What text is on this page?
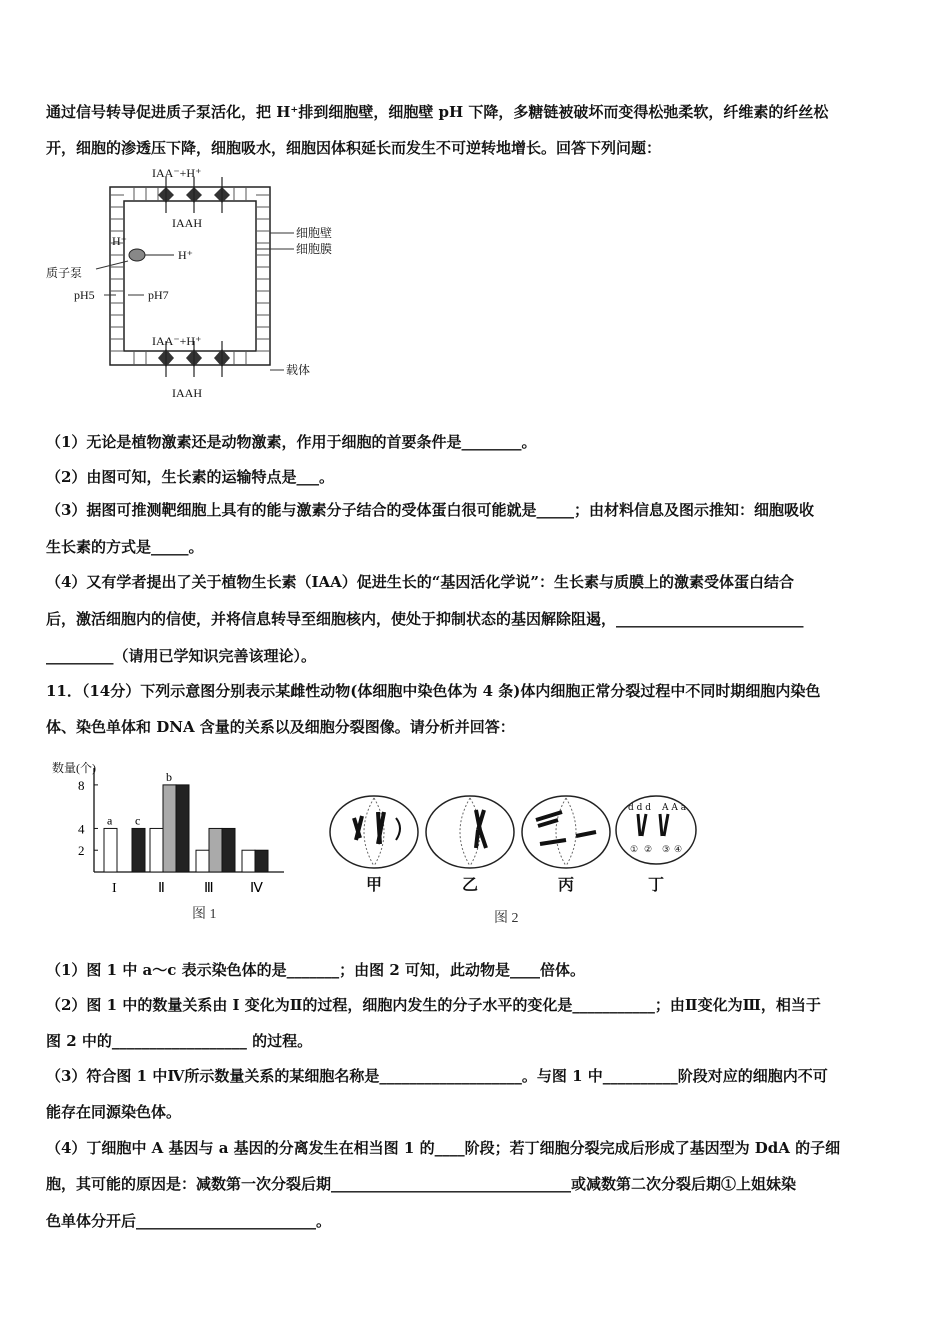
通过信号转导促进质子泵活化，把 H⁺排到细胞壁，细胞壁 pH 下降，多糖链被破坏而变得松弛柔软，纤维素的纤丝松
开，细胞的渗透压下降，细胞吸水，细胞因体积延长而发生不可逆转地增长。回答下列问题：
IAA⁻+H⁺
IAAH
细胞壁
细胞膜
H⁺
H⁺
质子泵
pH5	pH7
IAA⁻+H⁺
载体
IAAH
（1）无论是植物激素还是动物激素，作用于细胞的首要条件是________。
（2）由图可知，生长素的运输特点是___。
（3）据图可推测靶细胞上具有的能与激素分子结合的受体蛋白很可能就是_____；由材料信息及图示推知：细胞吸收
生长素的方式是_____。
（4）又有学者提出了关于植物生长素（IAA）促进生长的“基因活化学说”：生长素与质膜上的激素受体蛋白结合
后，激活细胞内的信使，并将信息转导至细胞核内，使处于抑制状态的基因解除阻遏，_________________________
_________（请用已学知识完善该理论）。
11．（14分）下列示意图分别表示某雌性动物(体细胞中染色体为 4 条)体内细胞正常分裂过程中不同时期细胞内染色
体、染色单体和 DNA 含量的关系以及细胞分裂图像。请分析并回答：
数量(个)
2
4
8
a c
b
I	Ⅱ	Ⅲ	Ⅳ
图 1
d d d A A a
① ② ③ ④
甲	乙	丙	丁
图 2
（1）图 1 中 a～c 表示染色体的是_______；由图 2 可知，此动物是____倍体。
（2）图 1 中的数量关系由 I 变化为Ⅱ的过程，细胞内发生的分子水平的变化是___________；由Ⅱ变化为Ⅲ，相当于
图 2 中的__________________ 的过程。
（3）符合图 1 中Ⅳ所示数量关系的某细胞名称是___________________。与图 1 中__________阶段对应的细胞内不可
能存在同源染色体。
（4）丁细胞中 A 基因与 a 基因的分离发生在相当图 1 的____阶段；若丁细胞分裂完成后形成了基因型为 DdA 的子细
胞，其可能的原因是：减数第一次分裂后期________________________________或减数第二次分裂后期①上姐妹染
色单体分开后________________________。
